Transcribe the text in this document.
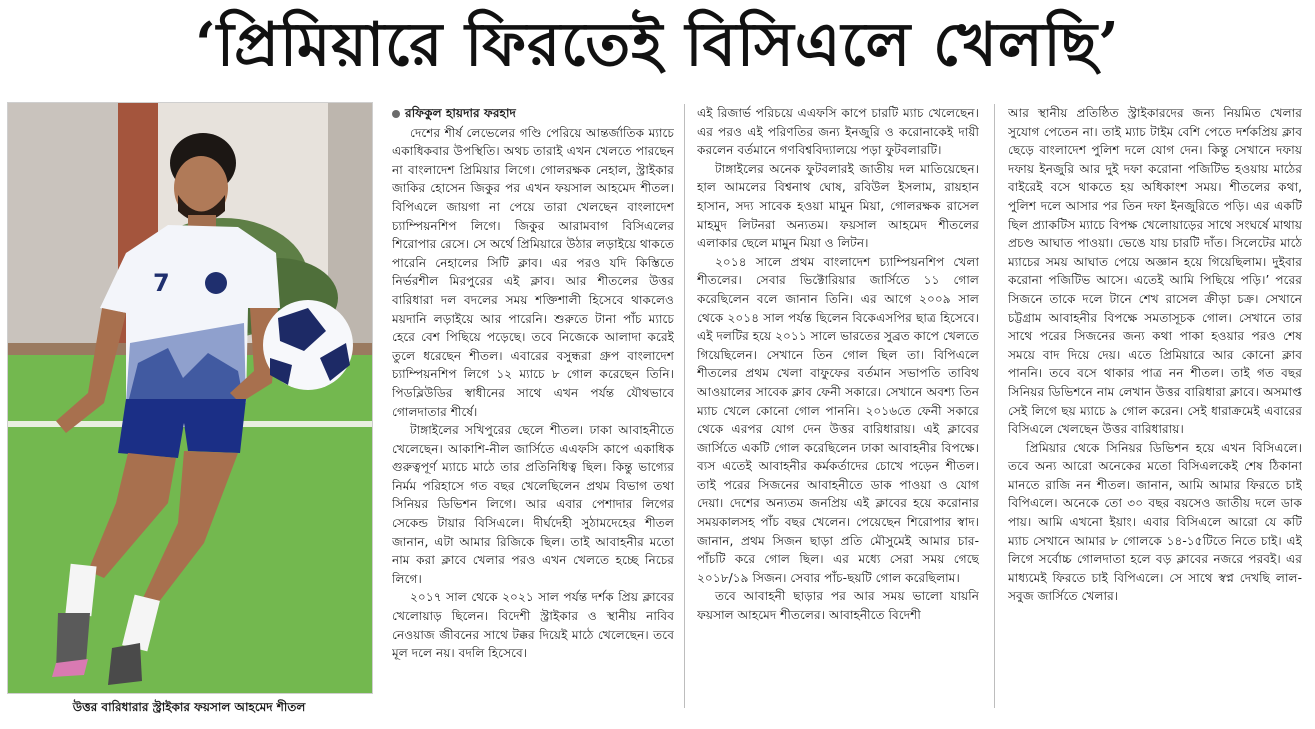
‘প্রিমিয়ারে ফিরতেই বিসিএলে খেলছি’
7
উত্তর বারিধারার স্ট্রাইকার ফয়সাল আহমেদ শীতল
রফিকুল হায়দার ফরহাদ

দেশের শীর্ষ লেভেলের গণ্ডি পেরিয়ে আন্তর্জাতিক ম্যাচে একাধিকবার উপস্থিতি। অথচ তারাই এখন খেলতে পারছেন না বাংলাদেশ প্রিমিয়ার লিগে। গোলরক্ষক নেহাল, স্ট্রাইকার জাকির হোসেন জিকুর পর এখন ফয়সাল আহমেদ শীতল। বিপিএলে জায়গা না পেয়ে তারা খেলছেন বাংলাদেশ চ্যাম্পিয়নশিপ লিগে। জিকুর আরামবাগ বিসিএলের শিরোপার রেসে। সে অর্থে প্রিমিয়ারে উঠার লড়াইয়ে থাকতে পারেনি নেহালের সিটি ক্লাব। এর পরও যদি কিস্তিতে নির্ভরশীল মিরপুরের এই ক্লাব। আর শীতলের উত্তর বারিধারা দল বদলের সময় শক্তিশালী হিসেবে থাকলেও ময়দানি লড়াইয়ে আর পারেনি। শুরুতে টানা পাঁচ ম্যাচে হেরে বেশ পিছিয়ে পড়েছে। তবে নিজেকে আলাদা করেই তুলে ধরেছেন শীতল। এবারের বসুন্ধরা গ্রুপ বাংলাদেশ চ্যাম্পিয়নশিপ লিগে ১২ ম্যাচে ৮ গোল করেছেন তিনি। পিডব্লিউডির স্বাধীনের সাথে এখন পর্যন্ত যৌথভাবে গোলদাতার শীর্ষে।

টাঙ্গাইলের সখিপুরের ছেলে শীতল। ঢাকা আবাহনীতে খেলেছেন। আকাশি-নীল জার্সিতে এএফসি কাপে একাধিক গুরুত্বপূর্ণ ম্যাচে মাঠে তার প্রতিনিধিত্ব ছিল। কিন্তু ভাগ্যের নির্মম পরিহাসে গত বছর খেলেছিলেন প্রথম বিভাগ তথা সিনিয়র ডিভিশন লিগে। আর এবার পেশাদার লিগের সেকেন্ড টায়ার বিসিএলে। দীর্ঘদেহী সুঠামদেহের শীতল জানান, এটা আমার রিজিকে ছিল। তাই আবাহনীর মতো নাম করা ক্লাবে খেলার পরও এখন খেলতে হচ্ছে নিচের লিগে।

২০১৭ সাল থেকে ২০২১ সাল পর্যন্ত দর্শক প্রিয় ক্লাবের খেলোয়াড় ছিলেন। বিদেশী স্ট্রাইকার ও স্থানীয় নাবিব নেওয়াজ জীবনের সাথে টক্কর দিয়েই মাঠে খেলেছেন। তবে মূল দলে নয়। বদলি হিসেবে।

এই রিজার্ভ পরিচয়ে এএফসি কাপে চারটি ম্যাচ খেলেছেন। এর পরও এই পরিণতির জন্য ইনজুরি ও করোনাকেই দায়ী করলেন বর্তমানে গণবিশ্ববিদ্যালয়ে পড়া ফুটবলারটি।

টাঙ্গাইলের অনেক ফুটবলারই জাতীয় দল মাতিয়েছেন। হাল আমলের বিশ্বনাথ ঘোষ, রবিউল ইসলাম, রায়হান হাসান, সদ্য সাবেক হওয়া মামুন মিয়া, গোলরক্ষক রাসেল মাহমুদ লিটনরা অন্যতম। ফয়সাল আহমেদ শীতলের এলাকার ছেলে মামুন মিয়া ও লিটন।

২০১৪ সালে প্রথম বাংলাদেশ চ্যাম্পিয়নশিপ খেলা শীতলের। সেবার ভিক্টোরিয়ার জার্সিতে ১১ গোল করেছিলেন বলে জানান তিনি। এর আগে ২০০৯ সাল থেকে ২০১৪ সাল পর্যন্ত ছিলেন বিকেএসপির ছাত্র হিসেবে। এই দলটির হয়ে ২০১১ সালে ভারতের সুব্রত কাপে খেলতে গিয়েছিলেন। সেখানে তিন গোল ছিল তা। বিপিএলে শীতলের প্রথম খেলা বাফুফের বর্তমান সভাপতি তাবিথ আওয়ালের সাবেক ক্লাব ফেনী সকারে। সেখানে অবশ্য তিন ম্যাচ খেলে কোনো গোল পাননি। ২০১৬তে ফেনী সকারে থেকে এরপর যোগ দেন উত্তর বারিধারায়। এই ক্লাবের জার্সিতে একটি গোল করেছিলেন ঢাকা আবাহনীর বিপক্ষে। ব্যস এতেই আবাহনীর কর্মকর্তাদের চোখে পড়েন শীতল। তাই পরের সিজনের আবাহনীতে ডাক পাওয়া ও যোগ দেয়া। দেশের অন্যতম জনপ্রিয় এই ক্লাবের হয়ে করোনার সময়কালসহ পাঁচ বছর খেলেন। পেয়েছেন শিরোপার স্বাদ। জানান, প্রথম সিজন ছাড়া প্রতি মৌসুমেই আমার চার-পাঁচটি করে গোল ছিল। এর মধ্যে সেরা সময় গেছে ২০১৮/১৯ সিজন। সেবার পাঁচ-ছয়টি গোল করেছিলাম।

তবে আবাহনী ছাড়ার পর আর সময় ভালো যায়নি ফয়সাল আহমেদ শীতলের। আবাহনীতে বিদেশী

আর স্থানীয় প্রতিষ্ঠিত স্ট্রাইকারদের জন্য নিয়মিত খেলার সুযোগ পেতেন না। তাই ম্যাচ টাইম বেশি পেতে দর্শকপ্রিয় ক্লাব ছেড়ে বাংলাদেশ পুলিশ দলে যোগ দেন। কিন্তু সেখানে দফায় দফায় ইনজুরি আর দুই দফা করোনা পজিটিভ হওয়ায় মাঠের বাইরেই বসে থাকতে হয় অধিকাংশ সময়। শীতলের কথা, পুলিশ দলে আসার পর তিন দফা ইনজুরিতে পড়ি। এর একটি ছিল প্র্যাকটিস ম্যাচে বিপক্ষ খেলোয়াড়ের সাথে সংঘর্ষে মাথায় প্রচণ্ড আঘাত পাওয়া। ভেঙে যায় চারটি দাঁত। সিলেটের মাঠে ম্যাচের সময় আঘাত পেয়ে অজ্ঞান হয়ে গিয়েছিলাম। দুইবার করোনা পজিটিভ আসে। এতেই আমি পিছিয়ে পড়ি।’ পরের সিজনে তাকে দলে টানে শেখ রাসেল ক্রীড়া চক্র। সেখানে চট্টগ্রাম আবাহনীর বিপক্ষে সমতাসূচক গোল। সেখানে তার সাথে পরের সিজনের জন্য কথা পাকা হওয়ার পরও শেষ সময়ে বাদ দিয়ে দেয়। এতে প্রিমিয়ারে আর কোনো ক্লাব পাননি। তবে বসে থাকার পাত্র নন শীতল। তাই গত বছর সিনিয়র ডিভিশনে নাম লেখান উত্তর বারিধারা ক্লাবে। অসমাপ্ত সেই লিগে ছয় ম্যাচে ৯ গোল করেন। সেই ধারাক্রমেই এবারের বিসিএলে খেলছেন উত্তর বারিধারায়।

প্রিমিয়ার থেকে সিনিয়র ডিভিশন হয়ে এখন বিসিএলে। তবে অন্য আরো অনেকের মতো বিসিএলকেই শেষ ঠিকানা মানতে রাজি নন শীতল। জানান, আমি আমার ফিরতে চাই বিপিএলে। অনেকে তো ৩০ বছর বয়সেও জাতীয় দলে ডাক পায়। আমি এখনো ইয়াং। এবার বিসিএলে আরো যে কটি ম্যাচ সেখানে আমার ৮ গোলকে ১৪-১৫টিতে নিতে চাই। এই লিগে সর্বোচ্চ গোলদাতা হলে বড় ক্লাবের নজরে পরবই। এর মাধ্যমেই ফিরতে চাই বিপিএলে। সে সাথে স্বপ্ন দেখছি লাল-সবুজ জার্সিতে খেলার।
